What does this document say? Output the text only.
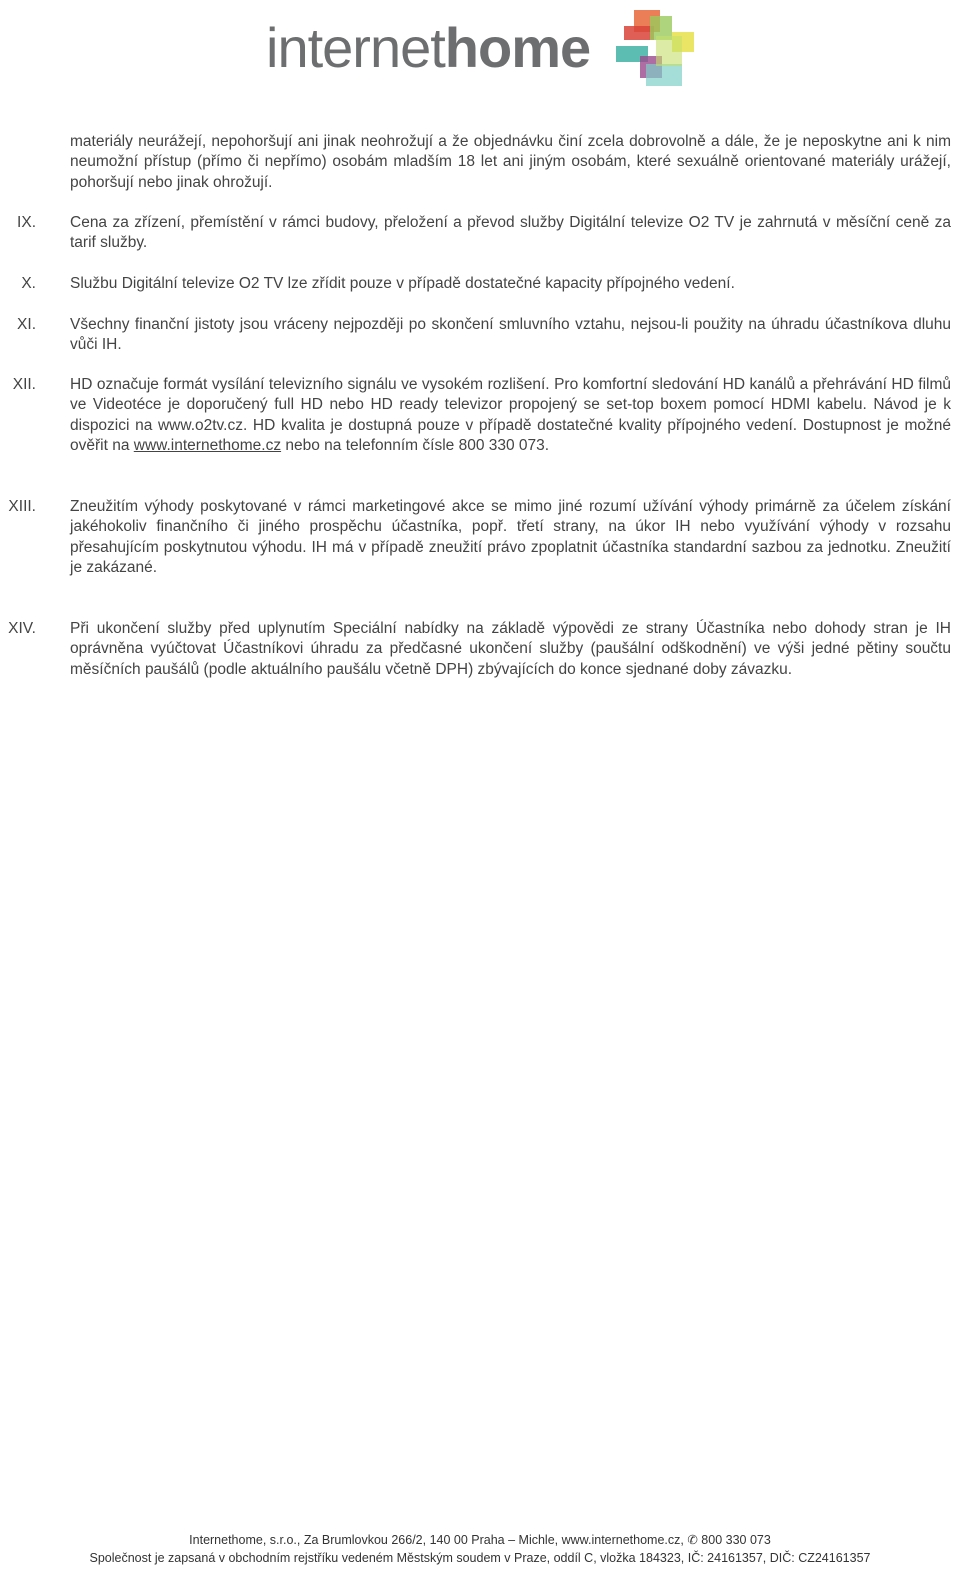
internethome
materiály neurážejí, nepohoršují ani jinak neohrožují a že objednávku činí zcela dobrovolně a dále, že je neposkytne ani k nim neumožní přístup (přímo či nepřímo) osobám mladším 18 let ani jiným osobám, které sexuálně orientované materiály urážejí, pohoršují nebo jinak ohrožují.
IX. Cena za zřízení, přemístění v rámci budovy, přeložení a převod služby Digitální televize O2 TV je zahrnutá v měsíční ceně za tarif služby.
X. Službu Digitální televize O2 TV lze zřídit pouze v případě dostatečné kapacity přípojného vedení.
XI. Všechny finanční jistoty jsou vráceny nejpozději po skončení smluvního vztahu, nejsou-li použity na úhradu účastníkova dluhu vůči IH.
XII. HD označuje formát vysílání televizního signálu ve vysokém rozlišení. Pro komfortní sledování HD kanálů a přehrávání HD filmů ve Videotéce je doporučený full HD nebo HD ready televizor propojený se set-top boxem pomocí HDMI kabelu. Návod je k dispozici na www.o2tv.cz. HD kvalita je dostupná pouze v případě dostatečné kvality přípojného vedení. Dostupnost je možné ověřit na www.internethome.cz nebo na telefonním čísle 800 330 073.
XIII. Zneužitím výhody poskytované v rámci marketingové akce se mimo jiné rozumí užívání výhody primárně za účelem získání jakéhokoliv finančního či jiného prospěchu účastníka, popř. třetí strany, na úkor IH nebo využívání výhody v rozsahu přesahujícím poskytnutou výhodu. IH má v případě zneužití právo zpoplatnit účastníka standardní sazbou za jednotku. Zneužití je zakázané.
XIV. Při ukončení služby před uplynutím Speciální nabídky na základě výpovědi ze strany Účastníka nebo dohody stran je IH oprávněna vyúčtovat Účastníkovi úhradu za předčasné ukončení služby (paušální odškodnění) ve výši jedné pětiny součtu měsíčních paušálů (podle aktuálního paušálu včetně DPH) zbývajících do konce sjednané doby závazku.
Internethome, s.r.o., Za Brumlovkou 266/2, 140 00 Praha – Michle, www.internethome.cz, ✆ 800 330 073
Společnost je zapsaná v obchodním rejstříku vedeném Městským soudem v Praze, oddíl C, vložka 184323, IČ: 24161357, DIČ: CZ24161357
